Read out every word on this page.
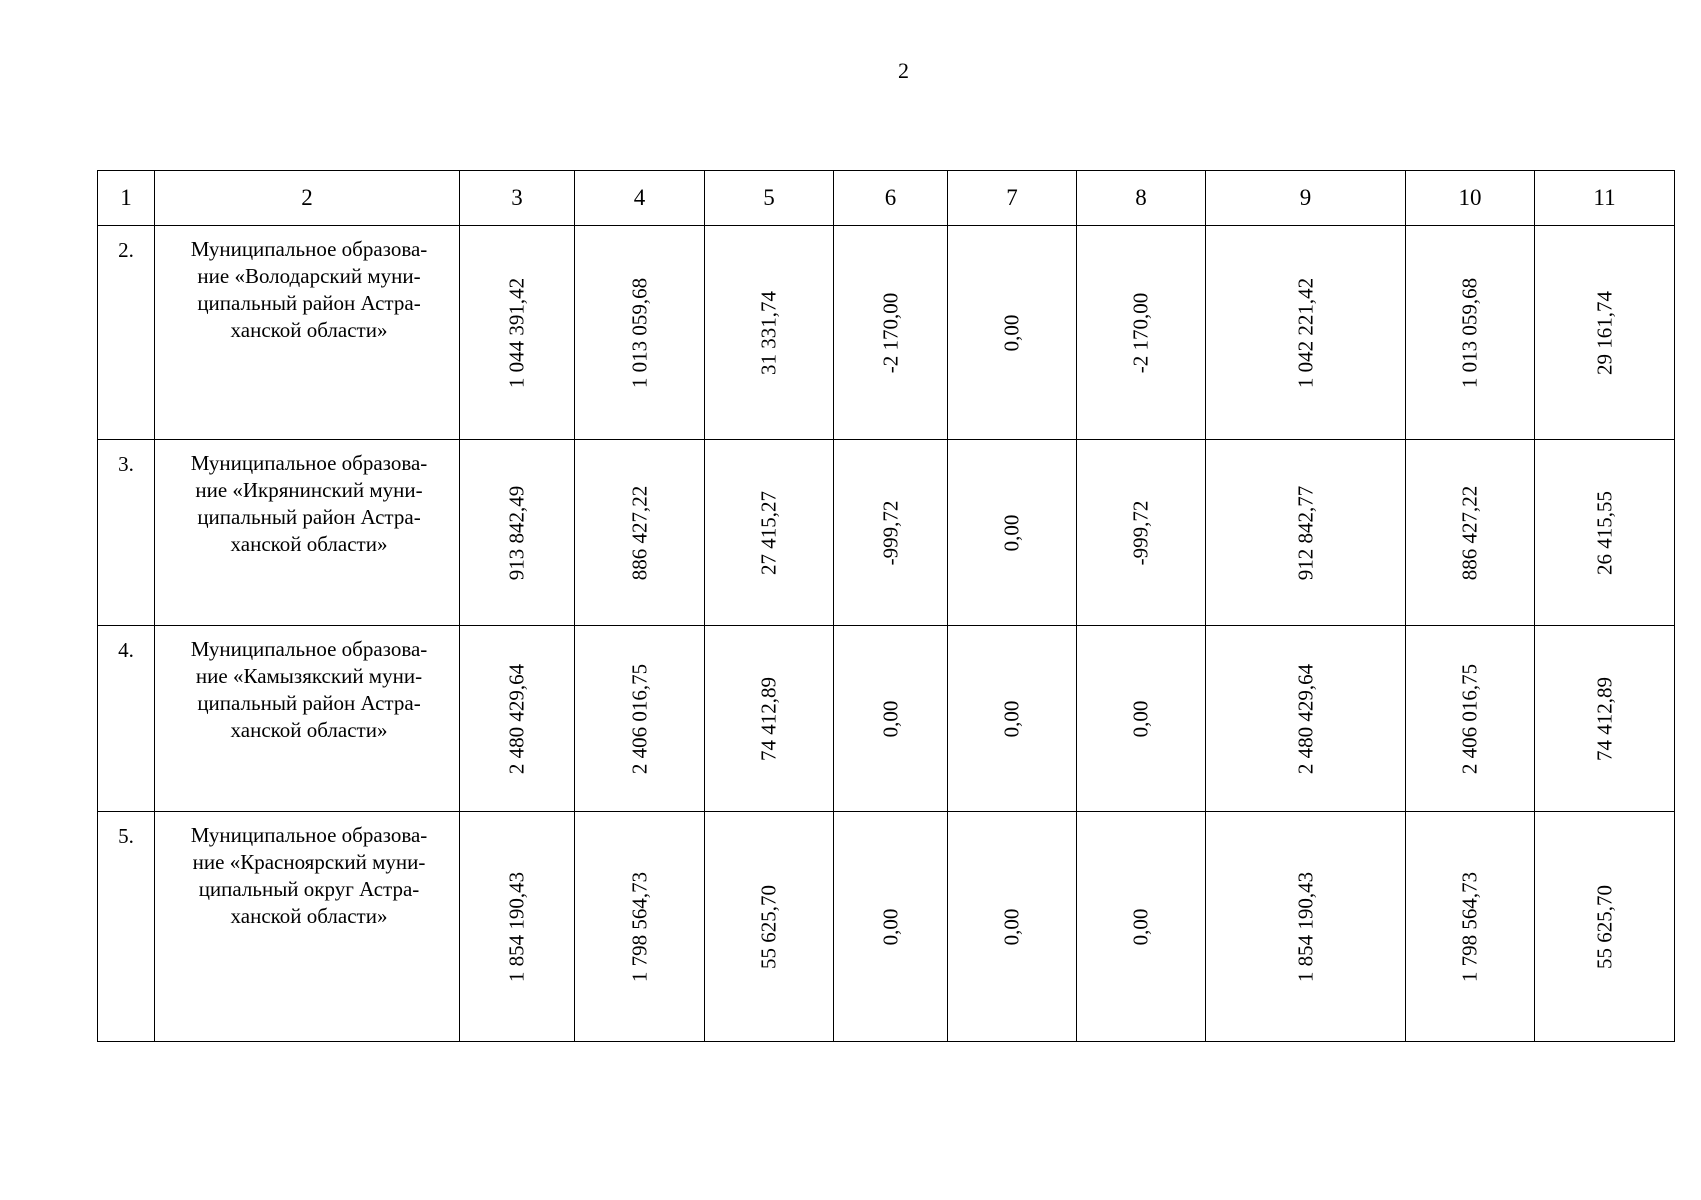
2
1	2	3	4	5	6	7	8	9	10	11
2.	Муниципальное образова-
ние «Володарский муни-
ципальный район Астра-
ханской области»	1 044 391,42	1 013 059,68	31 331,74	-2 170,00	0,00	-2 170,00	1 042 221,42	1 013 059,68	29 161,74

3.	Муниципальное образова-
ние «Икрянинский муни-
ципальный район Астра-
ханской области»	913 842,49	886 427,22	27 415,27	-999,72	0,00	-999,72	912 842,77	886 427,22	26 415,55

4.	Муниципальное образова-
ние «Камызякский муни-
ципальный район Астра-
ханской области»	2 480 429,64	2 406 016,75	74 412,89	0,00	0,00	0,00	2 480 429,64	2 406 016,75	74 412,89

5.	Муниципальное образова-
ние «Красноярский муни-
ципальный округ Астра-
ханской области»	1 854 190,43	1 798 564,73	55 625,70	0,00	0,00	0,00	1 854 190,43	1 798 564,73	55 625,70
